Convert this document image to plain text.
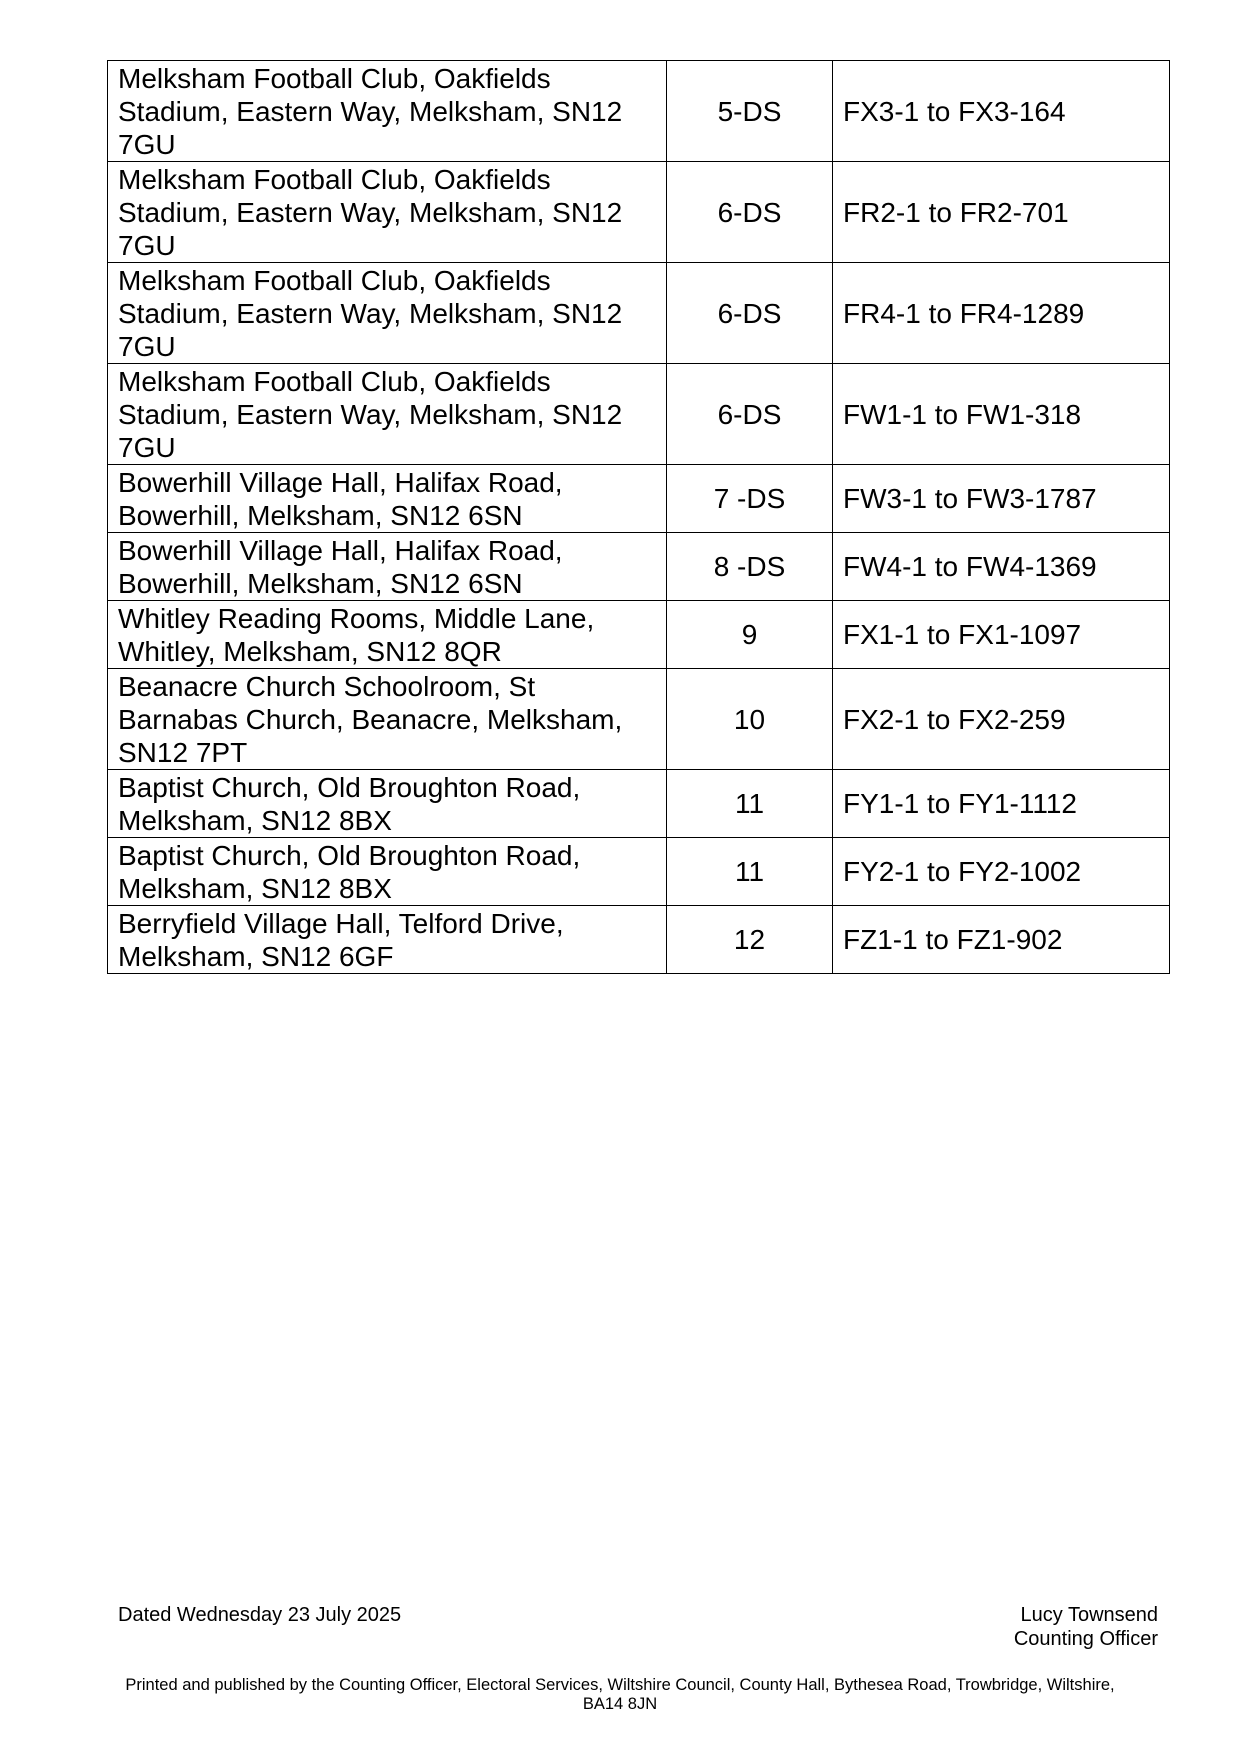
Melksham Football Club, Oakfields Stadium, Eastern Way, Melksham, SN12 7GU	5-DS	FX3-1 to FX3-164
Melksham Football Club, Oakfields Stadium, Eastern Way, Melksham, SN12 7GU	6-DS	FR2-1 to FR2-701
Melksham Football Club, Oakfields Stadium, Eastern Way, Melksham, SN12 7GU	6-DS	FR4-1 to FR4-1289
Melksham Football Club, Oakfields Stadium, Eastern Way, Melksham, SN12 7GU	6-DS	FW1-1 to FW1-318
Bowerhill Village Hall, Halifax Road, Bowerhill, Melksham, SN12 6SN	7 -DS	FW3-1 to FW3-1787
Bowerhill Village Hall, Halifax Road, Bowerhill, Melksham, SN12 6SN	8 -DS	FW4-1 to FW4-1369
Whitley Reading Rooms, Middle Lane, Whitley, Melksham, SN12 8QR	9	FX1-1 to FX1-1097
Beanacre Church Schoolroom, St Barnabas Church, Beanacre, Melksham, SN12 7PT	10	FX2-1 to FX2-259
Baptist Church, Old Broughton Road, Melksham, SN12 8BX	11	FY1-1 to FY1-1112
Baptist Church, Old Broughton Road, Melksham, SN12 8BX	11	FY2-1 to FY2-1002
Berryfield Village Hall, Telford Drive, Melksham, SN12 6GF	12	FZ1-1 to FZ1-902
Dated Wednesday 23 July 2025	Lucy Townsend
Counting Officer
Printed and published by the Counting Officer, Electoral Services, Wiltshire Council, County Hall, Bythesea Road, Trowbridge, Wiltshire, BA14 8JN
